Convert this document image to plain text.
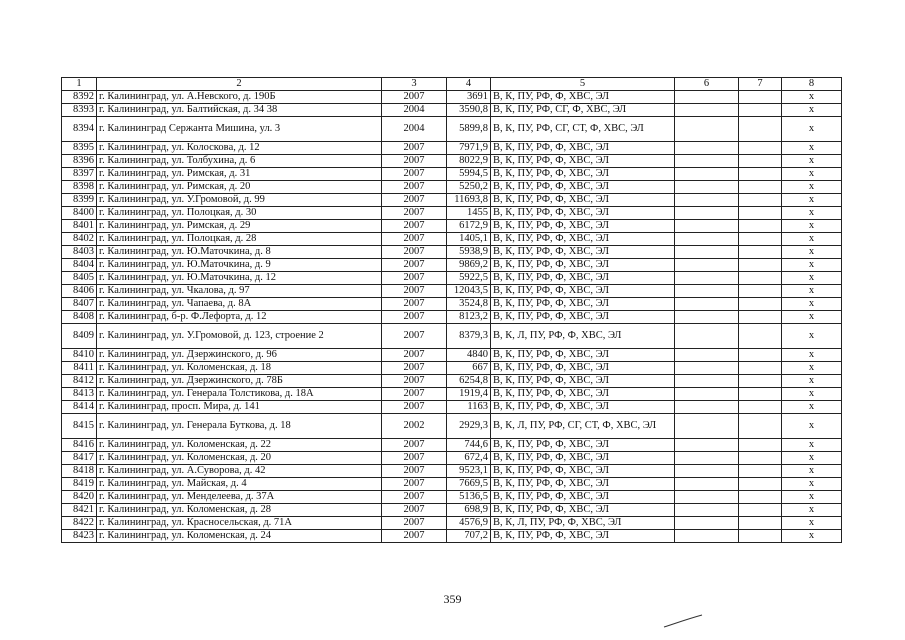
1	2	3	4	5	6	7	8
8392	г. Калининград, ул. А.Невского, д. 190Б	2007	3691	В, К, ПУ, РФ, Ф, ХВС, ЭЛ			х
8393	г. Калининград, ул. Балтийская, д. 34 38	2004	3590,8	В, К, ПУ, РФ, СГ, Ф, ХВС, ЭЛ			х
8394	г. Калининград Сержанта Мишина, ул. 3	2004	5899,8	В, К, ПУ, РФ, СГ, СТ, Ф, ХВС, ЭЛ			х
8395	г. Калининград, ул. Колосковa, д. 12	2007	7971,9	В, К, ПУ, РФ, Ф, ХВС, ЭЛ			х
8396	г. Калининград, ул. Толбухина, д. 6	2007	8022,9	В, К, ПУ, РФ, Ф, ХВС, ЭЛ			х
8397	г. Калининград, ул. Римская, д. 31	2007	5994,5	В, К, ПУ, РФ, Ф, ХВС, ЭЛ			х
8398	г. Калининград, ул. Римская, д. 20	2007	5250,2	В, К, ПУ, РФ, Ф, ХВС, ЭЛ			х
8399	г. Калининград, ул. У.Громовой, д. 99	2007	11693,8	В, К, ПУ, РФ, Ф, ХВС, ЭЛ			х
8400	г. Калининград, ул. Полоцкая, д. 30	2007	1455	В, К, ПУ, РФ, Ф, ХВС, ЭЛ			х
8401	г. Калининград, ул. Римская, д. 29	2007	6172,9	В, К, ПУ, РФ, Ф, ХВС, ЭЛ			х
8402	г. Калининград, ул. Полоцкая, д. 28	2007	1405,1	В, К, ПУ, РФ, Ф, ХВС, ЭЛ			х
8403	г. Калининград, ул. Ю.Маточкина, д. 8	2007	5938,9	В, К, ПУ, РФ, Ф, ХВС, ЭЛ			х
8404	г. Калининград, ул. Ю.Маточкина, д. 9	2007	9869,2	В, К, ПУ, РФ, Ф, ХВС, ЭЛ			х
8405	г. Калининград, ул. Ю.Маточкина, д. 12	2007	5922,5	В, К, ПУ, РФ, Ф, ХВС, ЭЛ			х
8406	г. Калининград, ул. Чкалова, д. 97	2007	12043,5	В, К, ПУ, РФ, Ф, ХВС, ЭЛ			х
8407	г. Калининград, ул. Чапаева, д. 8А	2007	3524,8	В, К, ПУ, РФ, Ф, ХВС, ЭЛ			х
8408	г. Калининград, б-р. Ф.Лефорта, д. 12	2007	8123,2	В, К, ПУ, РФ, Ф, ХВС, ЭЛ			х
8409	г. Калининград, ул. У.Громовой, д. 123, строение 2	2007	8379,3	В, К, Л, ПУ, РФ, Ф, ХВС, ЭЛ			х
8410	г. Калининград, ул. Дзержинского, д. 96	2007	4840	В, К, ПУ, РФ, Ф, ХВС, ЭЛ			х
8411	г. Калининград, ул. Коломенская, д. 18	2007	667	В, К, ПУ, РФ, Ф, ХВС, ЭЛ			х
8412	г. Калининград, ул. Дзержинского, д. 78Б	2007	6254,8	В, К, ПУ, РФ, Ф, ХВС, ЭЛ			х
8413	г. Калининград, ул. Генерала Толстикова, д. 18А	2007	1919,4	В, К, ПУ, РФ, Ф, ХВС, ЭЛ			х
8414	г. Калининград, просп. Мира, д. 141	2007	1163	В, К, ПУ, РФ, Ф, ХВС, ЭЛ			х
8415	г. Калининград, ул. Генерала Буткова, д. 18	2002	2929,3	В, К, Л, ПУ, РФ, СГ, СТ, Ф, ХВС, ЭЛ			х
8416	г. Калининград, ул. Коломенская, д. 22	2007	744,6	В, К, ПУ, РФ, Ф, ХВС, ЭЛ			х
8417	г. Калининград, ул. Коломенская, д. 20	2007	672,4	В, К, ПУ, РФ, Ф, ХВС, ЭЛ			х
8418	г. Калининград, ул. А.Суворова, д. 42	2007	9523,1	В, К, ПУ, РФ, Ф, ХВС, ЭЛ			х
8419	г. Калининград, ул. Майская, д. 4	2007	7669,5	В, К, ПУ, РФ, Ф, ХВС, ЭЛ			х
8420	г. Калининград, ул. Менделеева, д. 37А	2007	5136,5	В, К, ПУ, РФ, Ф, ХВС, ЭЛ			х
8421	г. Калининград, ул. Коломенская, д. 28	2007	698,9	В, К, ПУ, РФ, Ф, ХВС, ЭЛ			х
8422	г. Калининград, ул. Красносельская, д. 71А	2007	4576,9	В, К, Л, ПУ, РФ, Ф, ХВС, ЭЛ			х
8423	г. Калининград, ул. Коломенская, д. 24	2007	707,2	В, К, ПУ, РФ, Ф, ХВС, ЭЛ			х
359
